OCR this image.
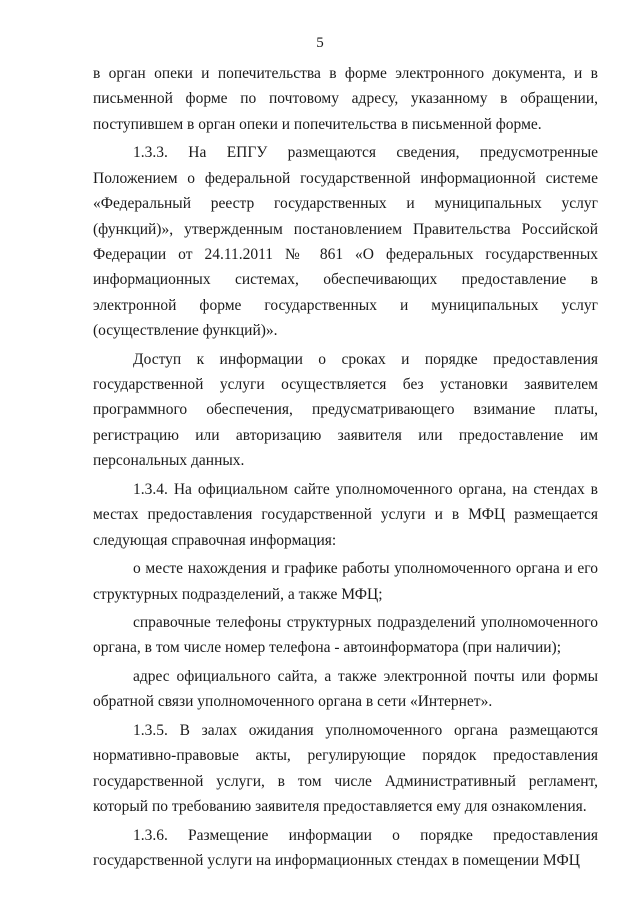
5

в орган опеки и попечительства в форме электронного документа, и в письменной форме по почтовому адресу, указанному в обращении, поступившем в орган опеки и попечительства в письменной форме.

1.3.3. На ЕПГУ размещаются сведения, предусмотренные Положением о федеральной государственной информационной системе «Федеральный реестр государственных и муниципальных услуг (функций)», утвержденным постановлением Правительства Российской Федерации от 24.11.2011 № 861 «О федеральных государственных информационных системах, обеспечивающих предоставление в электронной форме государственных и муниципальных услуг (осуществление функций)».

Доступ к информации о сроках и порядке предоставления государственной услуги осуществляется без установки заявителем программного обеспечения, предусматривающего взимание платы, регистрацию или авторизацию заявителя или предоставление им персональных данных.

1.3.4. На официальном сайте уполномоченного органа, на стендах в местах предоставления государственной услуги и в МФЦ размещается следующая справочная информация:

о месте нахождения и графике работы уполномоченного органа и его структурных подразделений, а также МФЦ;

справочные телефоны структурных подразделений уполномоченного органа, в том числе номер телефона - автоинформатора (при наличии);

адрес официального сайта, а также электронной почты или формы обратной связи уполномоченного органа в сети «Интернет».

1.3.5. В залах ожидания уполномоченного органа размещаются нормативно-правовые акты, регулирующие порядок предоставления государственной услуги, в том числе Административный регламент, который по требованию заявителя предоставляется ему для ознакомления.

1.3.6. Размещение информации о порядке предоставления государственной услуги на информационных стендах в помещении МФЦ
